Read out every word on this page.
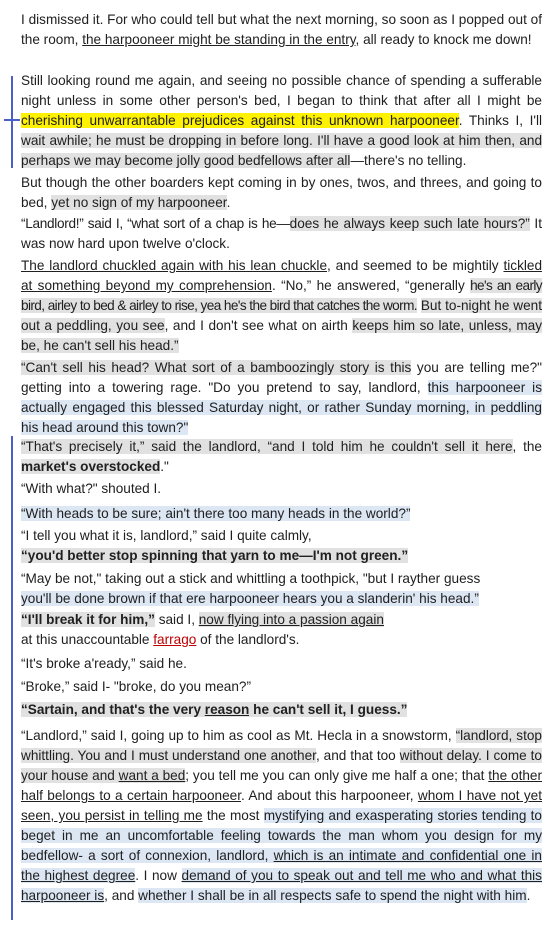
I dismissed it. For who could tell but what the next morning, so soon as I popped out of the room, the harpooneer might be standing in the entry, all ready to knock me down!

Still looking round me again, and seeing no possible chance of spending a sufferable night unless in some other person's bed, I began to think that after all I might be cherishing unwarrantable prejudices against this unknown harpooneer. Thinks I, I'll wait awhile; he must be dropping in before long. I'll have a good look at him then, and perhaps we may become jolly good bedfellows after all—there's no telling.

But though the other boarders kept coming in by ones, twos, and threes, and going to bed, yet no sign of my harpooneer.

“Landlord!” said I, “what sort of a chap is he—does he always keep such late hours?” It was now hard upon twelve o'clock.

The landlord chuckled again with his lean chuckle, and seemed to be mightily tickled at something beyond my comprehension. “No,” he answered, “generally he's an early bird, airley to bed & airley to rise, yea he's the bird that catches the worm. But to-night he went out a peddling, you see, and I don't see what on airth keeps him so late, unless, may be, he can't sell his head.”

“Can't sell his head? What sort of a bamboozingly story is this you are telling me?" getting into a towering rage. "Do you pretend to say, landlord, this harpooneer is actually engaged this blessed Saturday night, or rather Sunday morning, in peddling his head around this town?"

“That's precisely it,” said the landlord, “and I told him he couldn't sell it here, the market's overstocked."

“With what?" shouted I.

“With heads to be sure; ain't there too many heads in the world?”

“I tell you what it is, landlord,” said I quite calmly,
“you'd better stop spinning that yarn to me—I'm not green.”

“May be not," taking out a stick and whittling a toothpick, "but I rayther guess
you'll be done brown if that ere harpooneer hears you a slanderin' his head.”

“I'll break it for him,” said I, now flying into a passion again
at this unaccountable farrago of the landlord's.

“It's broke a'ready,” said he.

“Broke,” said I- "broke, do you mean?”

“Sartain, and that's the very reason he can't sell it, I guess.”

“Landlord,” said I, going up to him as cool as Mt. Hecla in a snowstorm, “landlord, stop whittling. You and I must understand one another, and that too without delay. I come to your house and want a bed; you tell me you can only give me half a one; that the other half belongs to a certain harpooneer. And about this harpooneer, whom I have not yet seen, you persist in telling me the most mystifying and exasperating stories tending to beget in me an uncomfortable feeling towards the man whom you design for my bedfellow- a sort of connexion, landlord, which is an intimate and confidential one in the highest degree. I now demand of you to speak out and tell me who and what this harpooneer is, and whether I shall be in all respects safe to spend the night with him.
